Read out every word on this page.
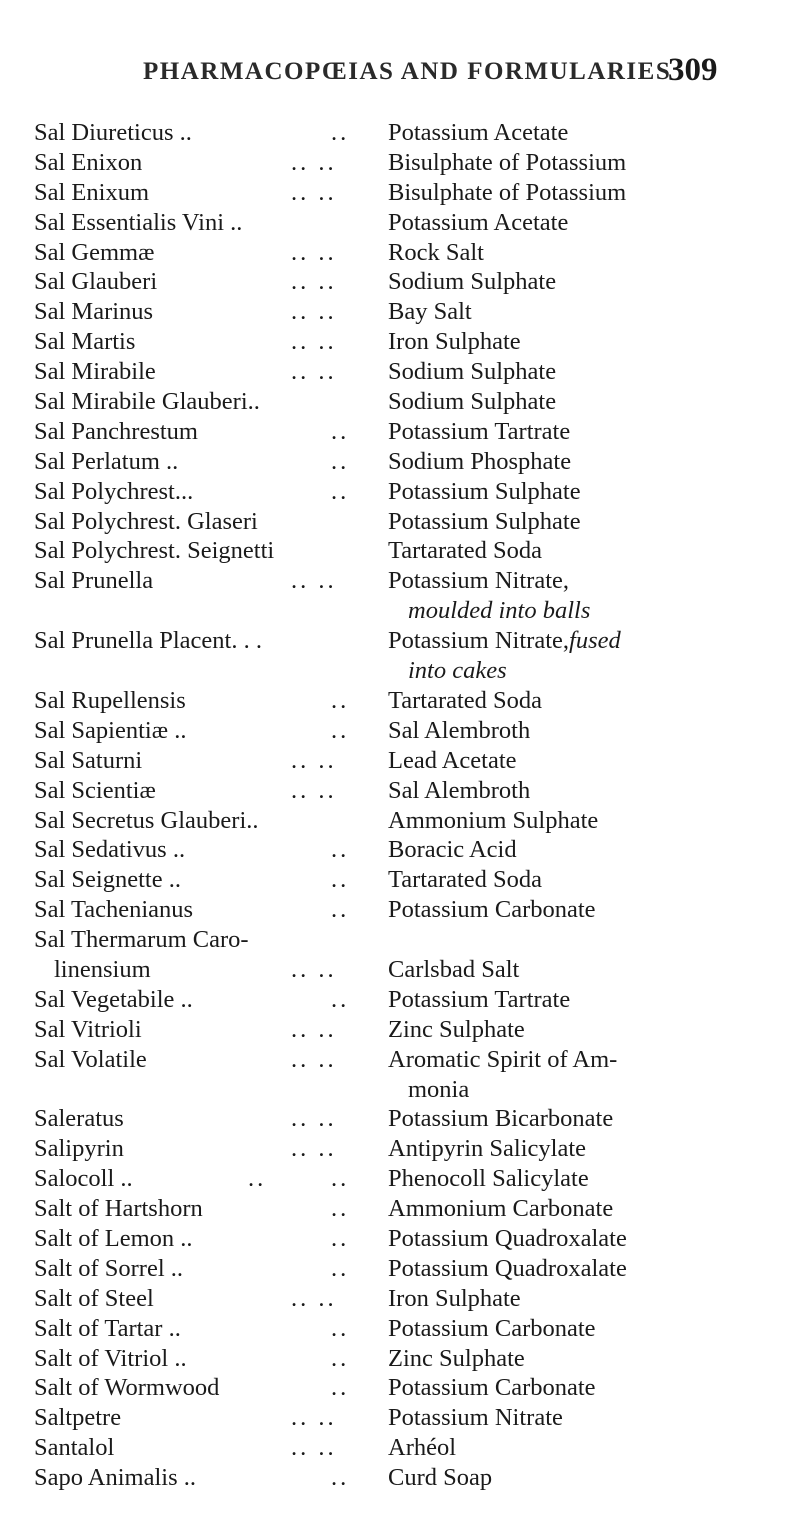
PHARMACOPŒIAS AND FORMULARIES
309
Sal Diureticus ..	.. Potassium Acetate
Sal Enixon	.. .. Bisulphate of Potassium
Sal Enixum	.. .. Bisulphate of Potassium
Sal Essentialis Vini ..	Potassium Acetate
Sal Gemmæ	.. .. Rock Salt
Sal Glauberi	.. .. Sodium Sulphate
Sal Marinus	.. .. Bay Salt
Sal Martis	.. .. Iron Sulphate
Sal Mirabile	.. .. Sodium Sulphate
Sal Mirabile Glauberi..	Sodium Sulphate
Sal Panchrestum	.. Potassium Tartrate
Sal Perlatum ..	.. Sodium Phosphate
Sal Polychrest...	.. Potassium Sulphate
Sal Polychrest. Glaseri	Potassium Sulphate
Sal Polychrest. Seignetti	Tartarated Soda
Sal Prunella	.. .. Potassium Nitrate,
moulded into balls
Sal Prunella Placent. . .	Potassium Nitrate,fused
into cakes
Sal Rupellensis	.. Tartarated Soda
Sal Sapientiæ ..	.. Sal Alembroth
Sal Saturni	.. .. Lead Acetate
Sal Scientiæ	.. .. Sal Alembroth
Sal Secretus Glauberi..	Ammonium Sulphate
Sal Sedativus ..	.. Boracic Acid
Sal Seignette ..	.. Tartarated Soda
Sal Tachenianus	.. Potassium Carbonate
Sal Thermarum Caro-
linensium	.. .. Carlsbad Salt
Sal Vegetabile ..	.. Potassium Tartrate
Sal Vitrioli	.. .. Zinc Sulphate
Sal Volatile	.. .. Aromatic Spirit of Am-
monia
Saleratus	.. .. Potassium Bicarbonate
Salipyrin	.. .. Antipyrin Salicylate
Salocoll ..	..	.. Phenocoll Salicylate
Salt of Hartshorn	.. Ammonium Carbonate
Salt of Lemon ..	.. Potassium Quadroxalate
Salt of Sorrel ..	.. Potassium Quadroxalate
Salt of Steel	.. .. Iron Sulphate
Salt of Tartar ..	.. Potassium Carbonate
Salt of Vitriol ..	.. Zinc Sulphate
Salt of Wormwood	.. Potassium Carbonate
Saltpetre	.. .. Potassium Nitrate
Santalol	.. .. Arhéol
Sapo Animalis ..	.. Curd Soap
